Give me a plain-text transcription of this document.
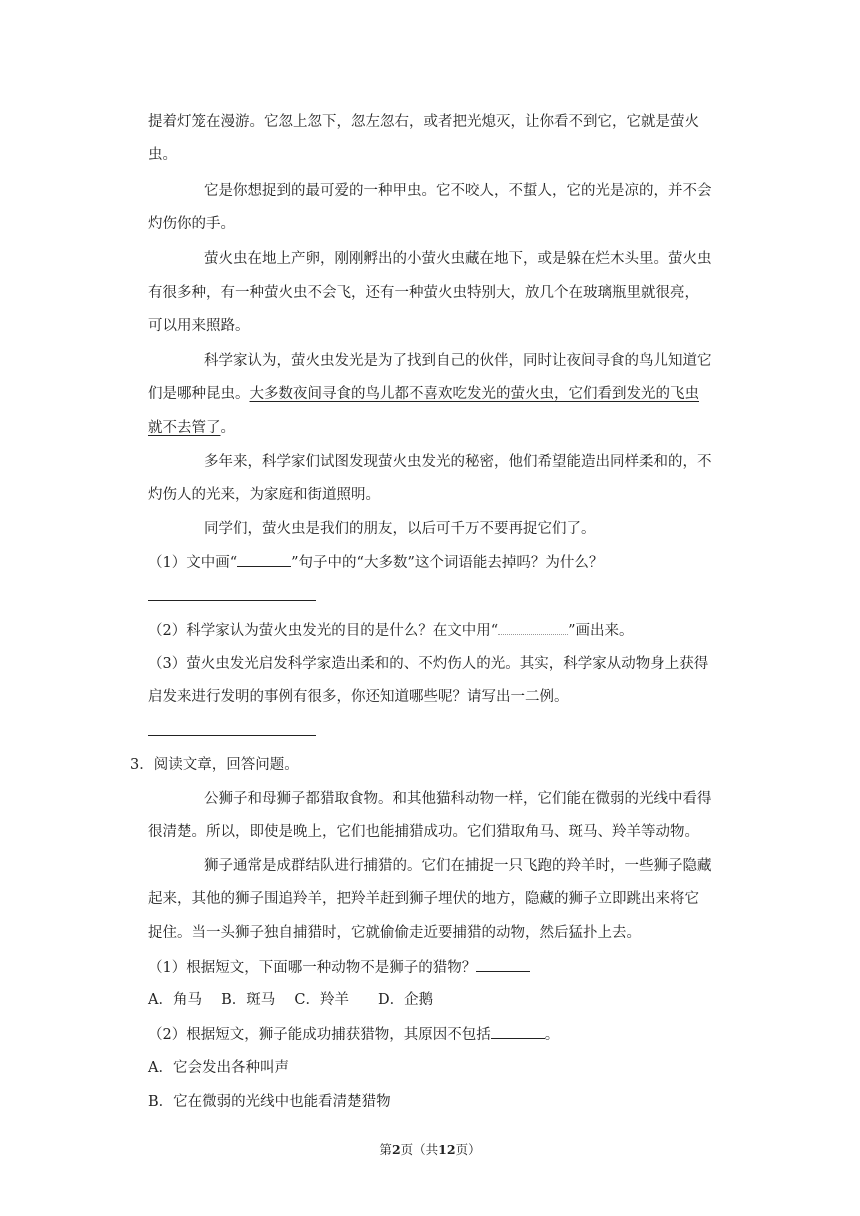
提着灯笼在漫游。它忽上忽下，忽左忽右，或者把光熄灭，让你看不到它，它就是萤火
虫。
它是你想捉到的最可爱的一种甲虫。它不咬人，不蜇人，它的光是凉的，并不会
灼伤你的手。
萤火虫在地上产卵，刚刚孵出的小萤火虫藏在地下，或是躲在烂木头里。萤火虫
有很多种，有一种萤火虫不会飞，还有一种萤火虫特别大，放几个在玻璃瓶里就很亮，
可以用来照路。
科学家认为，萤火虫发光是为了找到自己的伙伴，同时让夜间寻食的鸟儿知道它
们是哪种昆虫。大多数夜间寻食的鸟儿都不喜欢吃发光的萤火虫，它们看到发光的飞虫
就不去管了。
多年来，科学家们试图发现萤火虫发光的秘密，他们希望能造出同样柔和的，不
灼伤人的光来，为家庭和街道照明。
同学们，萤火虫是我们的朋友，以后可千万不要再捉它们了。
（1）文中画“	”句子中的“大多数”这个词语能去掉吗？为什么？
（2）科学家认为萤火虫发光的目的是什么？在文中用“	”画出来。
（3）萤火虫发光启发科学家造出柔和的、不灼伤人的光。其实，科学家从动物身上获得
启发来进行发明的事例有很多，你还知道哪些呢？请写出一二例。
3．阅读文章，回答问题。
公狮子和母狮子都猎取食物。和其他猫科动物一样，它们能在微弱的光线中看得
很清楚。所以，即使是晚上，它们也能捕猎成功。它们猎取角马、斑马、羚羊等动物。
狮子通常是成群结队进行捕猎的。它们在捕捉一只飞跑的羚羊时，一些狮子隐藏
起来，其他的狮子围追羚羊，把羚羊赶到狮子埋伏的地方，隐藏的狮子立即跳出来将它
捉住。当一头狮子独自捕猎时，它就偷偷走近要捕猎的动物，然后猛扑上去。
（1）根据短文，下面哪一种动物不是狮子的猎物？
A．角马　 B．斑马　 C．羚羊　　D．企鹅
（2）根据短文，狮子能成功捕获猎物，其原因不包括	。
A．它会发出各种叫声
B．它在微弱的光线中也能看清楚猎物
第2页（共12页）
